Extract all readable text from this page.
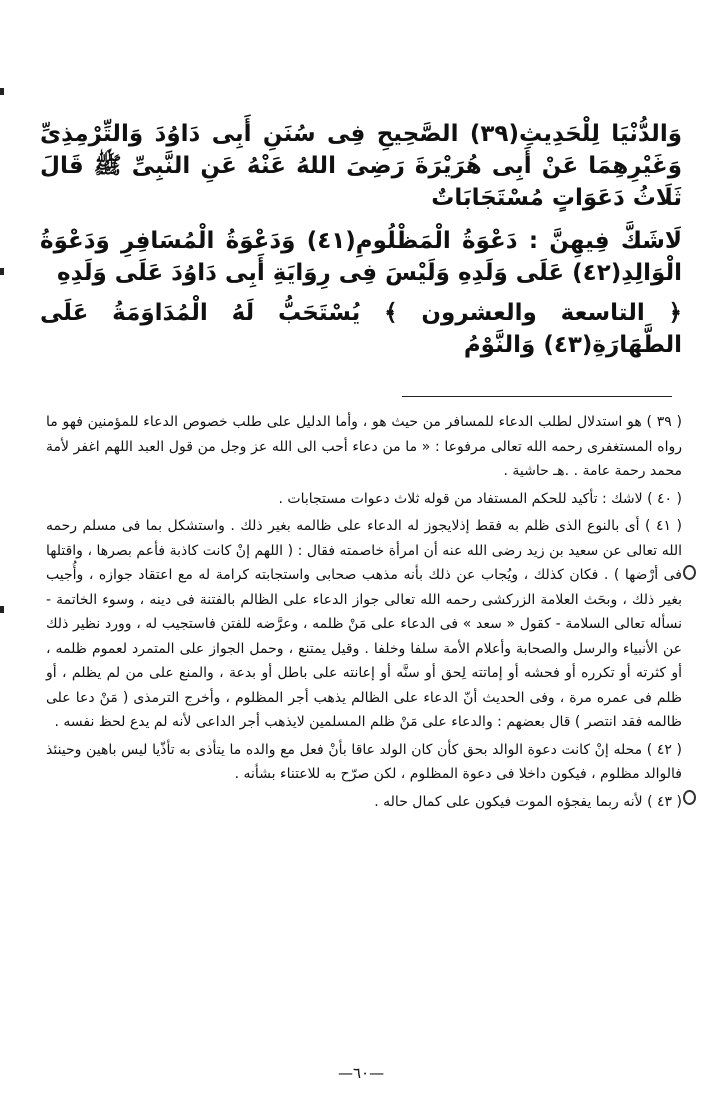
وَالدُّنْيَا لِلْحَدِيثِ(٣٩) الصَّحِيحِ فِى سُنَنِ أَبِى دَاوُدَ وَالتِّرْمِذِىِّ وَغَيْرِهِمَا عَنْ أَبِى هُرَيْرَةَ رَضِىَ اللهُ عَنْهُ عَنِ النَّبِىِّ ﷺ قَالَ ثَلَاثُ دَعَوَاتٍ مُسْتَجَابَاتٌ

لَاشَكَّ فِيهِنَّ : دَعْوَةُ الْمَظْلُومِ(٤١) وَدَعْوَةُ الْمُسَافِرِ وَدَعْوَةُ الْوَالِدِ(٤٢) عَلَى وَلَدِهِ وَلَيْسَ فِى رِوَايَةِ أَبِى دَاوُدَ عَلَى وَلَدِهِ

﴿ التاسعة والعشرون ﴾ يُسْتَحَبُّ لَهُ الْمُدَاوَمَةُ عَلَى الطَّهَارَةِ(٤٣) وَالنَّوْمُ

( ٣٩ ) هو استدلال لطلب الدعاء للمسافر من حيث هو ، وأما الدليل على طلب خصوص الدعاء للمؤمنين فهو ما رواه المستغفرى رحمه الله تعالى مرفوعا : « ما من دعاء أحب الى الله عز وجل من قول العبد اللهم اغفر لأمة محمد رحمة عامة . .هـ حاشية .

( ٤٠ ) لاشك : تأكيد للحكم المستفاد من قوله ثلاث دعوات مستجابات .

( ٤١ ) أى بالنوع الذى ظلم به فقط إذلايجوز له الدعاء على ظالمه بغير ذلك . واستشكل بما فى مسلم رحمه الله تعالى عن سعيد بن زيد رضى الله عنه أن امرأة خاصمته فقال : ( اللهم إنْ كانت كاذبة فأعم بصرها ، واقتلها فى أرْضها ) . فكان كذلك ، ويُجاب عن ذلك بأنه مذهب صحابى واستجابته كرامة له مع اعتقاد جوازه ، وأُجيب بغير ذلك ، وبحَث العلامة الزركشى رحمه الله تعالى جواز الدعاء على الظالم بالفتنة فى دينه ، وسوء الخاتمة - نسأله تعالى السلامة - كقول « سعد » فى الدعاء على مَنْ ظلمه ، وعرَّضه للفتن فاستجيب له ، وورد نظير ذلك عن الأنبياء والرسل والصحابة وأعلام الأمة سلفا وخلفا . وقيل يمتنع ، وحمل الجواز على المتمرد لعموم ظلمه ، أو كثرته أو تكرره أو فحشه أو إماتته لِحق أو سنَّه أو إعانته على باطل أو بدعة ، والمنع على من لم يظلم ، أو ظلم فى عمره مرة ، وفى الحديث أنّ الدعاء على الظالم يذهب أجر المظلوم ، وأخرج الترمذى ( مَنْ دعا على ظالمه فقد انتصر ) قال بعضهم : والدعاء على مَنْ ظلم المسلمين لايذهب أجر الداعى لأنه لم يدع لحظ نفسه .

( ٤٢ ) محله إنْ كانت دعوة الوالد بحق كأن كان الولد عاقا بأنْ فعل مع والده ما يتأذى به تأذّيا ليس باهين وحينئذ فالوالد مظلوم ، فيكون داخلا فى دعوة المظلوم ، لكن صرّح به للاعتناء بشأنه .

( ٤٣ ) لأنه ربما يفجؤه الموت فيكون على كمال حاله .

—٦٠—
